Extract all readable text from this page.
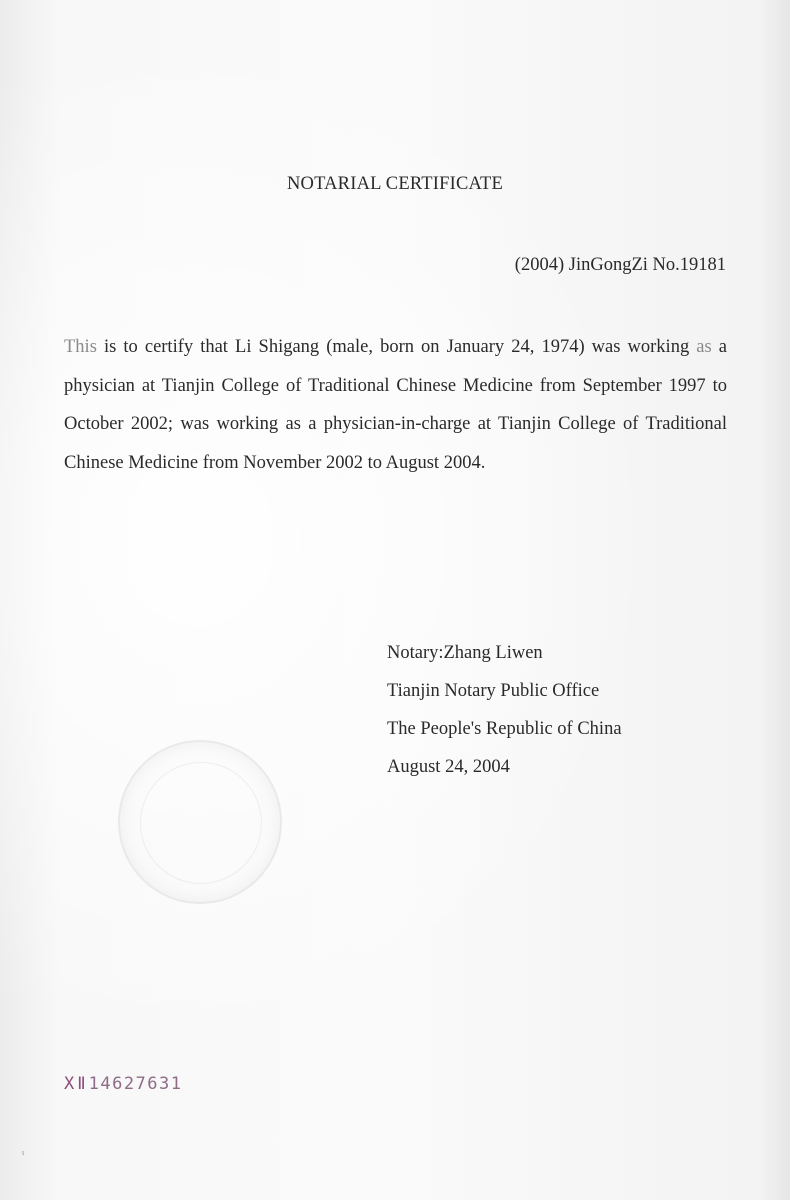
NOTARIAL CERTIFICATE
(2004) JinGongZi No.19181

This is to certify that Li Shigang (male, born on January 24, 1974) was working as a physician at Tianjin College of Traditional Chinese Medicine from September 1997 to October 2002; was working as a physician-in-charge at Tianjin College of Traditional Chinese Medicine from November 2002 to August 2004.

Notary:Zhang Liwen
Tianjin Notary Public Office
The People's Republic of China
August 24, 2004
XⅡ14627631
ι
